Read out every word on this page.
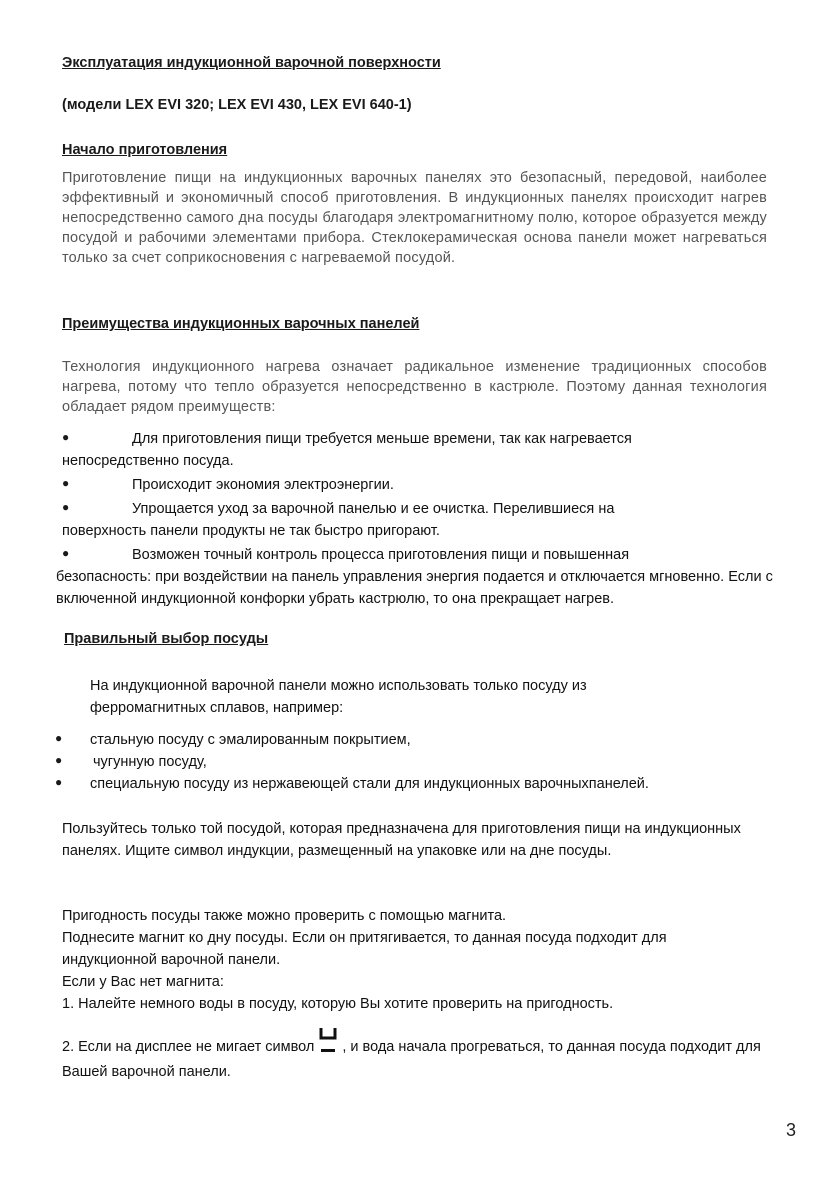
Эксплуатация индукционной варочной поверхности
(модели LEX EVI 320; LEX EVI 430, LEX EVI 640-1)
Начало приготовления
Приготовление пищи на индукционных варочных панелях это безопасный, передовой, наиболее эффективный и экономичный способ приготовления. В индукционных панелях происходит нагрев непосредственно самого дна посуды благодаря электромагнитному полю, которое образуется между посудой и рабочими элементами прибора. Стеклокерамическая основа панели может нагреваться только за счет соприкосновения с нагреваемой посудой.
Преимущества индукционных варочных панелей
Технология индукционного нагрева означает радикальное изменение традиционных способов нагрева, потому что тепло образуется непосредственно в кастрюле. Поэтому данная технология обладает рядом преимуществ:
●	Для приготовления пищи требуется меньше времени, так как нагревается
непосредственно посуда.
●	Происходит экономия электроэнергии.
●	Упрощается уход за варочной панелью и ее очистка. Перелившиеся на
поверхность панели продукты не так быстро пригорают.
●	Возможен точный контроль процесса приготовления пищи и повышенная
безопасность: при воздействии на панель управления энергия подается и отключается мгновенно. Если с включенной индукционной конфорки убрать кастрюлю, то она прекращает нагрев.
Правильный выбор посуды
На индукционной варочной панели можно использовать только посуду из ферромагнитных сплавов, например:
●	стальную посуду с эмалированным покрытием,
●	чугунную посуду,
●	специальную посуду из нержавеющей стали для индукционных варочныхпанелей.
Пользуйтесь только той посудой, которая предназначена для приготовления пищи на индукционных панелях. Ищите символ индукции, размещенный на упаковке или на дне посуды.
Пригодность посуды также можно проверить с помощью магнита.
Поднесите магнит ко дну посуды. Если он притягивается, то данная посуда подходит для индукционной варочной панели.
Если у Вас нет магнита:
1. Налейте немного воды в посуду, которую Вы хотите проверить на пригодность.
2. Если на дисплее не мигает символ , и вода начала прогреваться, то данная посуда подходит для Вашей варочной панели.
3
